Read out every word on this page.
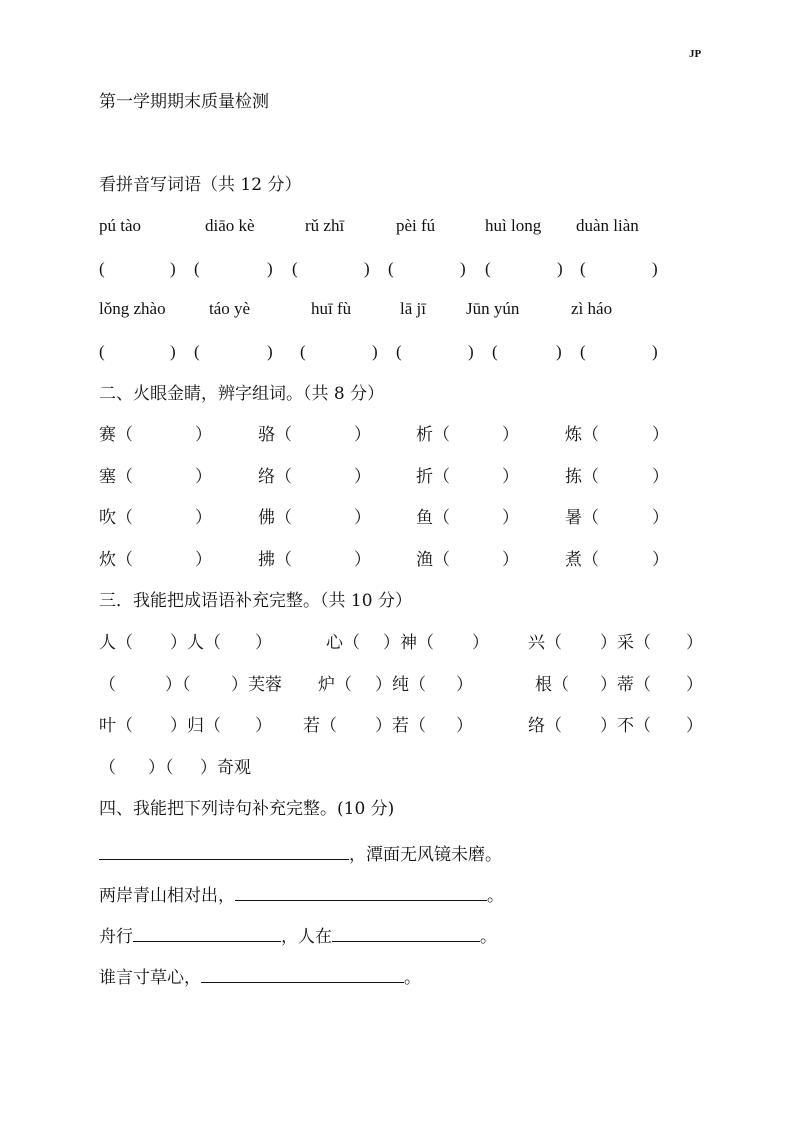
JP
第一学期期末质量检测
看拼音写词语（共 12 分）
pú tào	diāo kè	rǔ zhī	pèi fú	huì long duàn liàn
(	) (	) (	) (	) (	) (	)
lǒng zhào	táo yè	huī fù	lā jī Jūn yún	zì háo
(	) (	) (	) (	) (	) (	)
二、火眼金睛，辨字组词。（共 8 分）
赛 （	）	骆 （	）	析 （	）	炼 （	）
塞 （	）	络 （	）	折 （	）	拣 （	）
吹 （	）	佛 （	）	鱼 （	）	暑 （	）
炊 （	）	拂 （	）	渔 （	）	煮 （	）
三．我能把成语语补充完整。（共 10 分）
人（ ）人（ ）	心（ ）神（ ） 兴（ ）采（ ）
（	）（ ）芙蓉 炉（ ）纯（ ）	根（ ）蒂（ ）
叶（ ）归（ ） 若（ ）若（ ）	络（ ）不（ ）
（ ）（ ）奇观
四、我能把下列诗句补充完整。(10 分)
，潭面无风镜未磨。
两岸青山相对出，	。
舟行	，人在	。
谁言寸草心，	。
